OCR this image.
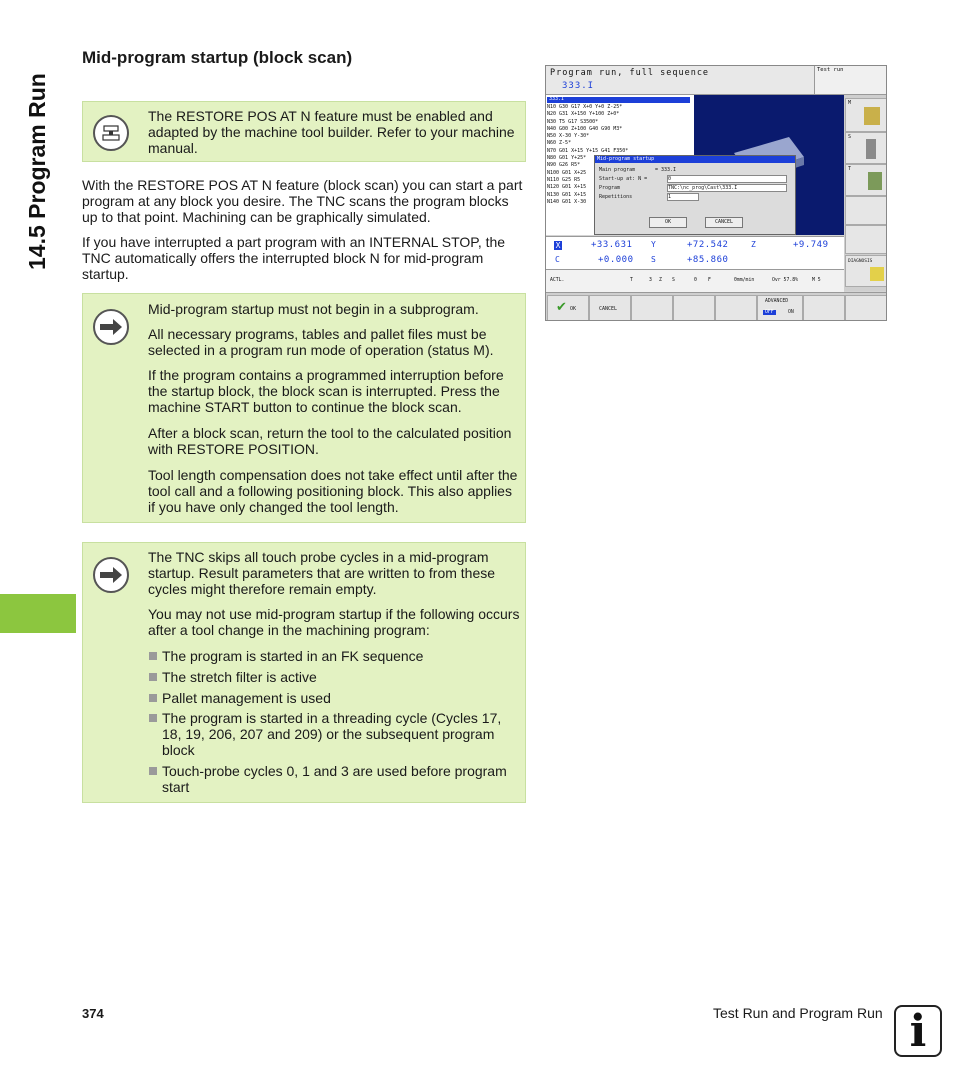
14.5 Program Run
Mid-program startup (block scan)

The RESTORE POS AT N feature must be enabled and adapted by the machine tool builder. Refer to your machine manual.

With the RESTORE POS AT N feature (block scan) you can start a part program at any block you desire. The TNC scans the program blocks up to that point. Machining can be graphically simulated.

If you have interrupted a part program with an INTERNAL STOP, the TNC automatically offers the interrupted block N for mid-program startup.

Mid-program startup must not begin in a subprogram.

All necessary programs, tables and pallet files must be selected in a program run mode of operation (status M).

If the program contains a programmed interruption before the startup block, the block scan is interrupted. Press the machine START button to continue the block scan.

After a block scan, return the tool to the calculated position with RESTORE POSITION.

Tool length compensation does not take effect until after the tool call and a following positioning block. This also applies if you have only changed the tool length.

The TNC skips all touch probe cycles in a mid-program startup. Result parameters that are written to from these cycles might therefore remain empty.

You may not use mid-program startup if the following occurs after a tool change in the machining program:

The program is started in an FK sequence
The stretch filter is active
Pallet management is used
The program is started in a threading cycle (Cycles 17, 18, 19, 206, 207 and 209) or the subsequent program block
Touch-probe cycles 0, 1 and 3 are used before program start
Program run, full sequence
333.I
Test run
333.I
N10 G30 G17 X+0 Y+0 Z-25*
N20 G31 X+150 Y+100 Z+0*
N30 T5 G17 S3500*
N40 G00 Z+100 G40 G90 M3*
N50 X-30 Y-30*
N60 Z-5*
N70 G01 X+15 Y+15 G41 F350*
N80 G01 Y+25*
N90 G26 R5*
N100 G01 X+25
N110 G25 R5
N120 G01 X+15
N130 G01 X+15
N140 G01 X-30
M
S
T
DIAGNOSIS
Mid-program startup
Main program	= 333.I
Start-up at: N =	0
Program	TNC:\nc_prog\Cast\333.I
Repetitions	1
OK	CANCEL
X	+33.631 Y	+72.542	Z	+9.749
C	+0.000 S	+85.860
ACTL.	T	3 Z S	0 F	0mm/min	Ovr 57.8%	M 5
✔ OK	CANCEL
ADVANCED
OFF	ON
374	Test Run and Program Run i
